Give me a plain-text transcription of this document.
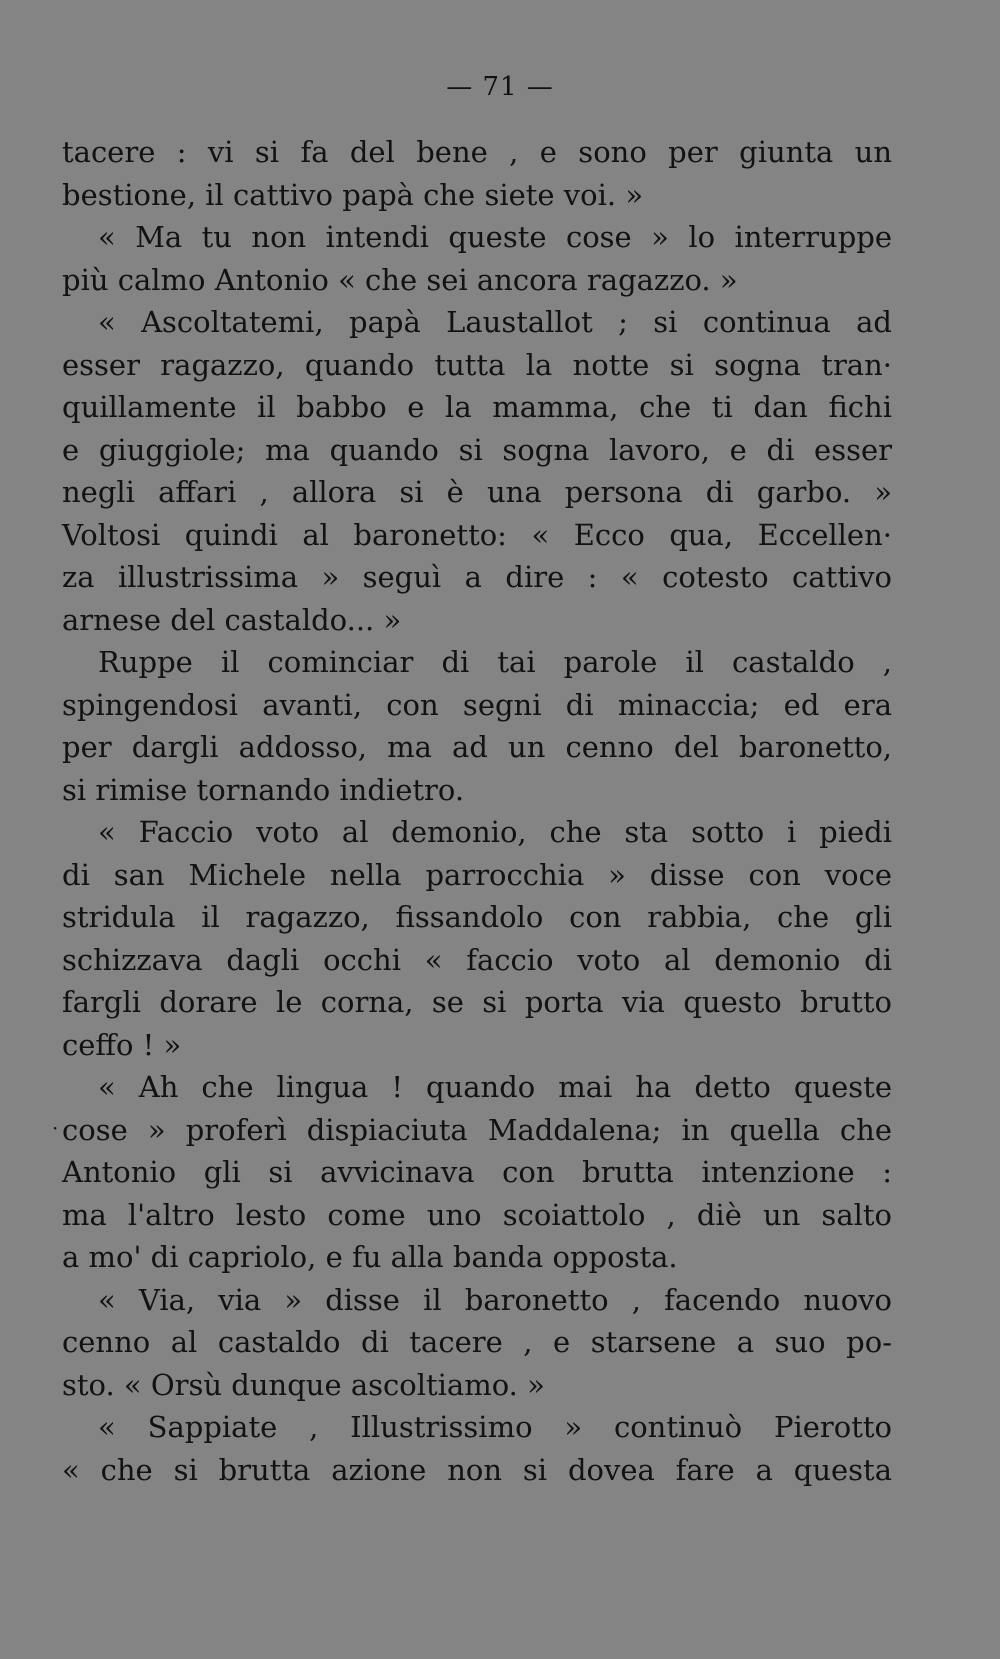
— 71 —
·
tacere : vi si fa del bene , e sono per giunta un
bestione, il cattivo papà che siete voi. »
« Ma tu non intendi queste cose » lo interruppe
più calmo Antonio « che sei ancora ragazzo. »
« Ascoltatemi, papà Laustallot ; si continua ad
esser ragazzo, quando tutta la notte si sogna tran·
quillamente il babbo e la mamma, che ti dan fichi
e giuggiole; ma quando si sogna lavoro, e di esser
negli affari , allora si è una persona di garbo. »
Voltosi quindi al baronetto: « Ecco qua, Eccellen·
za illustrissima » seguì a dire : « cotesto cattivo
arnese del castaldo... »
Ruppe il cominciar di tai parole il castaldo ,
spingendosi avanti, con segni di minaccia; ed era
per dargli addosso, ma ad un cenno del baronetto,
si rimise tornando indietro.
« Faccio voto al demonio, che sta sotto i piedi
di san Michele nella parrocchia » disse con voce
stridula il ragazzo, fissandolo con rabbia, che gli
schizzava dagli occhi « faccio voto al demonio di
fargli dorare le corna, se si porta via questo brutto
ceffo ! »
« Ah che lingua ! quando mai ha detto queste
cose » proferì dispiaciuta Maddalena; in quella che
Antonio gli si avvicinava con brutta intenzione :
ma l'altro lesto come uno scoiattolo , diè un salto
a mo' di capriolo, e fu alla banda opposta.
« Via, via » disse il baronetto , facendo nuovo
cenno al castaldo di tacere , e starsene a suo po-
sto. « Orsù dunque ascoltiamo. »
« Sappiate , Illustrissimo » continuò Pierotto
« che si brutta azione non si dovea fare a questa
